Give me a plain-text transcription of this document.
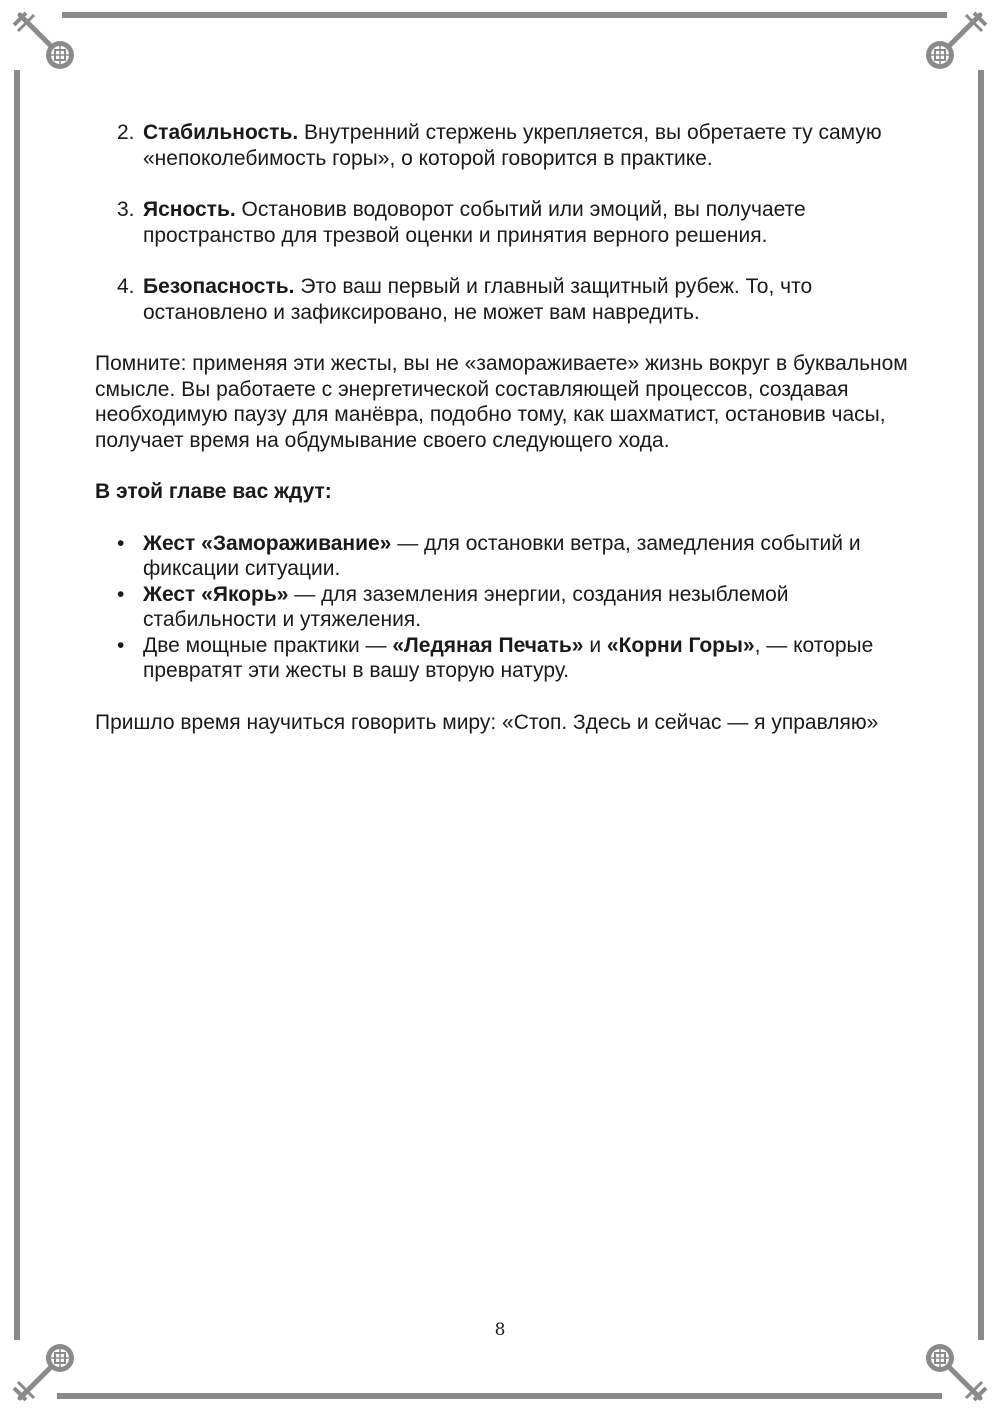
2. Стабильность. Внутренний стержень укрепляется, вы обретаете ту самую «непоколебимость горы», о которой говорится в практике.
3. Ясность. Остановив водоворот событий или эмоций, вы получаете пространство для трезвой оценки и принятия верного решения.
4. Безопасность. Это ваш первый и главный защитный рубеж. То, что остановлено и зафиксировано, не может вам навредить.

Помните: применяя эти жесты, вы не «замораживаете» жизнь вокруг в буквальном смысле. Вы работаете с энергетической составляющей процессов, создавая необходимую паузу для манёвра, подобно тому, как шахматист, остановив часы, получает время на обдумывание своего следующего хода.

В этой главе вас ждут:

• Жест «Замораживание» — для остановки ветра, замедления событий и фиксации ситуации.
• Жест «Якорь» — для заземления энергии, создания незыблемой стабильности и утяжеления.
• Две мощные практики — «Ледяная Печать» и «Корни Горы», — которые превратят эти жесты в вашу вторую натуру.

Пришло время научиться говорить миру: «Стоп. Здесь и сейчас — я управляю»

8
